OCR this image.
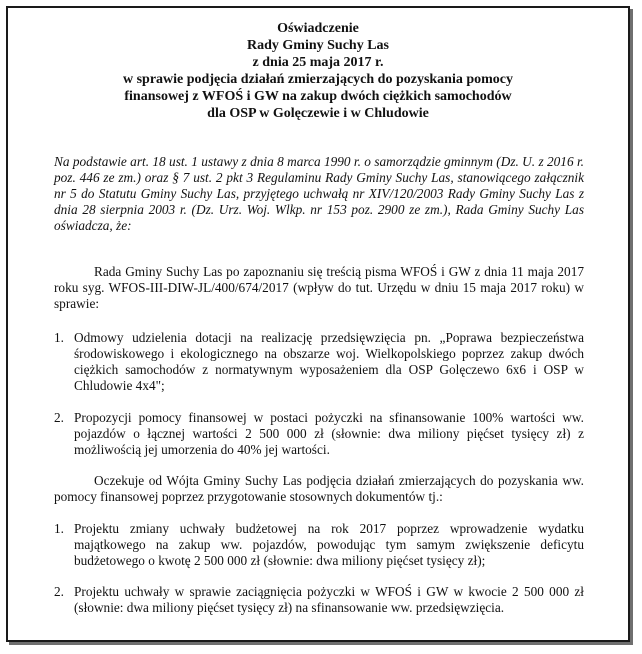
Oświadczenie
Rady Gminy Suchy Las
z dnia 25 maja 2017 r.
w sprawie podjęcia działań zmierzających do pozyskania pomocy
finansowej z WFOŚ i GW na zakup dwóch ciężkich samochodów
dla OSP w Golęczewie i w Chludowie

Na podstawie art. 18 ust. 1 ustawy z dnia 8 marca 1990 r. o samorządzie gminnym (Dz. U. z 2016 r. poz. 446 ze zm.) oraz § 7 ust. 2 pkt 3 Regulaminu Rady Gminy Suchy Las, stanowiącego załącznik nr 5 do Statutu Gminy Suchy Las, przyjętego uchwałą nr XIV/120/2003 Rady Gminy Suchy Las z dnia 28 sierpnia 2003 r. (Dz. Urz. Woj. Wlkp. nr 153 poz. 2900 ze zm.), Rada Gminy Suchy Las oświadcza, że:

Rada Gminy Suchy Las po zapoznaniu się treścią pisma WFOŚ i GW z dnia 11 maja 2017 roku syg. WFOS-III-DIW-JL/400/674/2017 (wpływ do tut. Urzędu w dniu 15 maja 2017 roku) w sprawie:

1. Odmowy udzielenia dotacji na realizację przedsięwzięcia pn. „Poprawa bezpieczeństwa środowiskowego i ekologicznego na obszarze woj. Wielkopolskiego poprzez zakup dwóch ciężkich samochodów z normatywnym wyposażeniem dla OSP Golęczewo 6x6 i OSP w Chludowie 4x4";
2. Propozycji pomocy finansowej w postaci pożyczki na sfinansowanie 100% wartości ww. pojazdów o łącznej wartości 2 500 000 zł (słownie: dwa miliony pięćset tysięcy zł) z możliwością jej umorzenia do 40% jej wartości.

Oczekuje od Wójta Gminy Suchy Las podjęcia działań zmierzających do pozyskania ww. pomocy finansowej poprzez przygotowanie stosownych dokumentów tj.:

1. Projektu zmiany uchwały budżetowej na rok 2017 poprzez wprowadzenie wydatku majątkowego na zakup ww. pojazdów, powodując tym samym zwiększenie deficytu budżetowego o kwotę 2 500 000 zł (słownie: dwa miliony pięćset tysięcy zł);
2. Projektu uchwały w sprawie zaciągnięcia pożyczki w WFOŚ i GW w kwocie 2 500 000 zł (słownie: dwa miliony pięćset tysięcy zł) na sfinansowanie ww. przedsięwzięcia.
